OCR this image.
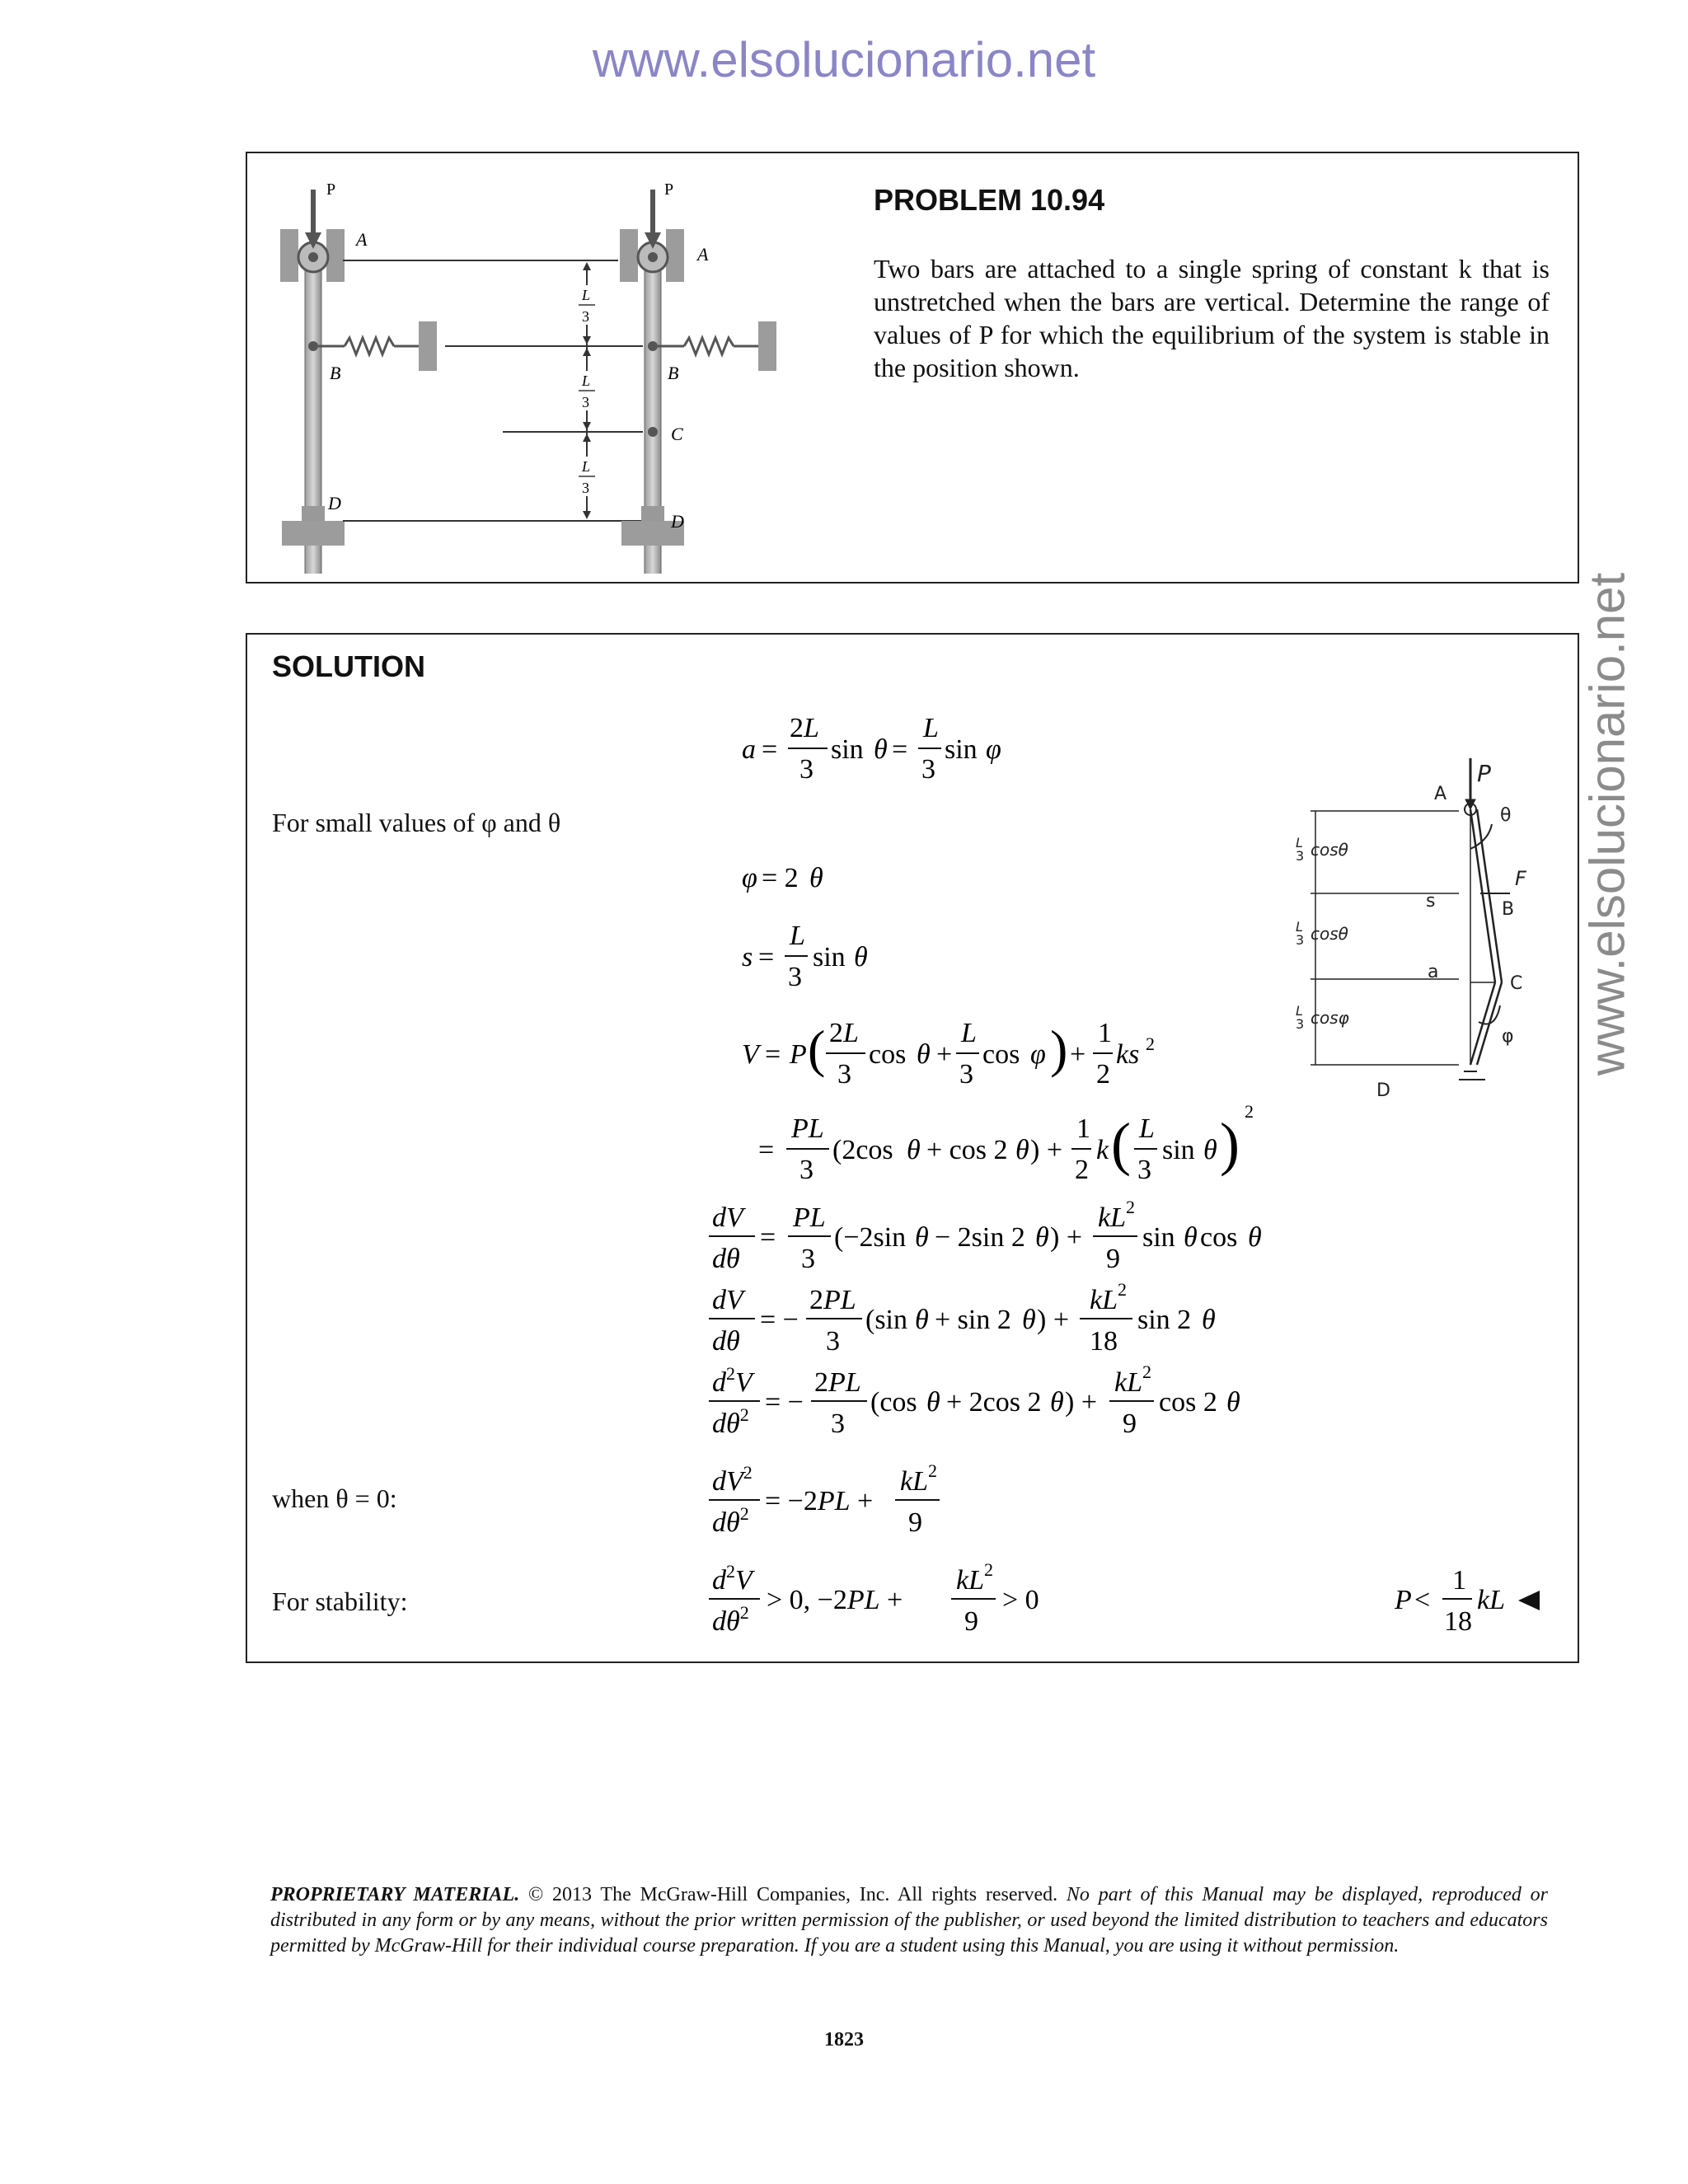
www.elsolucionario.net
www.elsolucionario.net
P
A
B
D
L
3
L
3
L
3
P
A
B
C
D
PROBLEM 10.94
Two bars are attached to a single spring of constant k that is unstretched when the bars are vertical. Determine the range of values of P for which the equilibrium of the system is stable in the position shown.
SOLUTION
For small values of φ and θ
when θ = 0:
For stability:
a =
2L
3
sin θ =
L
3
sin φ
φ = 2 θ
s =
L
3
sin θ
V = P ( 2L
3
cos θ +
L
3
cos φ ) +
1
2
ks 2
=
PL
3
(2cos θ + cos 2 θ ) +
1
2
k ( L
3
sin θ ) 2
dV
dθ
=
PL
3
(−2sin θ − 2sin 2 θ ) +
kL 2
9
sin θ cos θ
dV
dθ
= −
2PL
3
(sin θ + sin 2 θ ) +
kL 2
18
sin 2 θ
$d^2V$
$d\theta^2$ = −
2PL
3
(cos θ + 2cos 2 θ ) +
kL 2
9
cos 2 θ
$dV^2$
$d\theta^2 = -2PL$ +
kL 2
9
$d^2V$
$d\theta^2 > 0$, −2PL +
kL 2
9
> 0	P <
1
18
kL
P
A
θ
φ
F
B
s
a
C
D
L
3 cosθ
L
3 cosθ
L
3 cosφ
PROPRIETARY MATERIAL. © 2013 The McGraw-Hill Companies, Inc. All rights reserved. No part of this Manual may be displayed, reproduced or distributed in any form or by any means, without the prior written permission of the publisher, or used beyond the limited distribution to teachers and educators permitted by McGraw-Hill for their individual course preparation. If you are a student using this Manual, you are using it without permission.
1823
